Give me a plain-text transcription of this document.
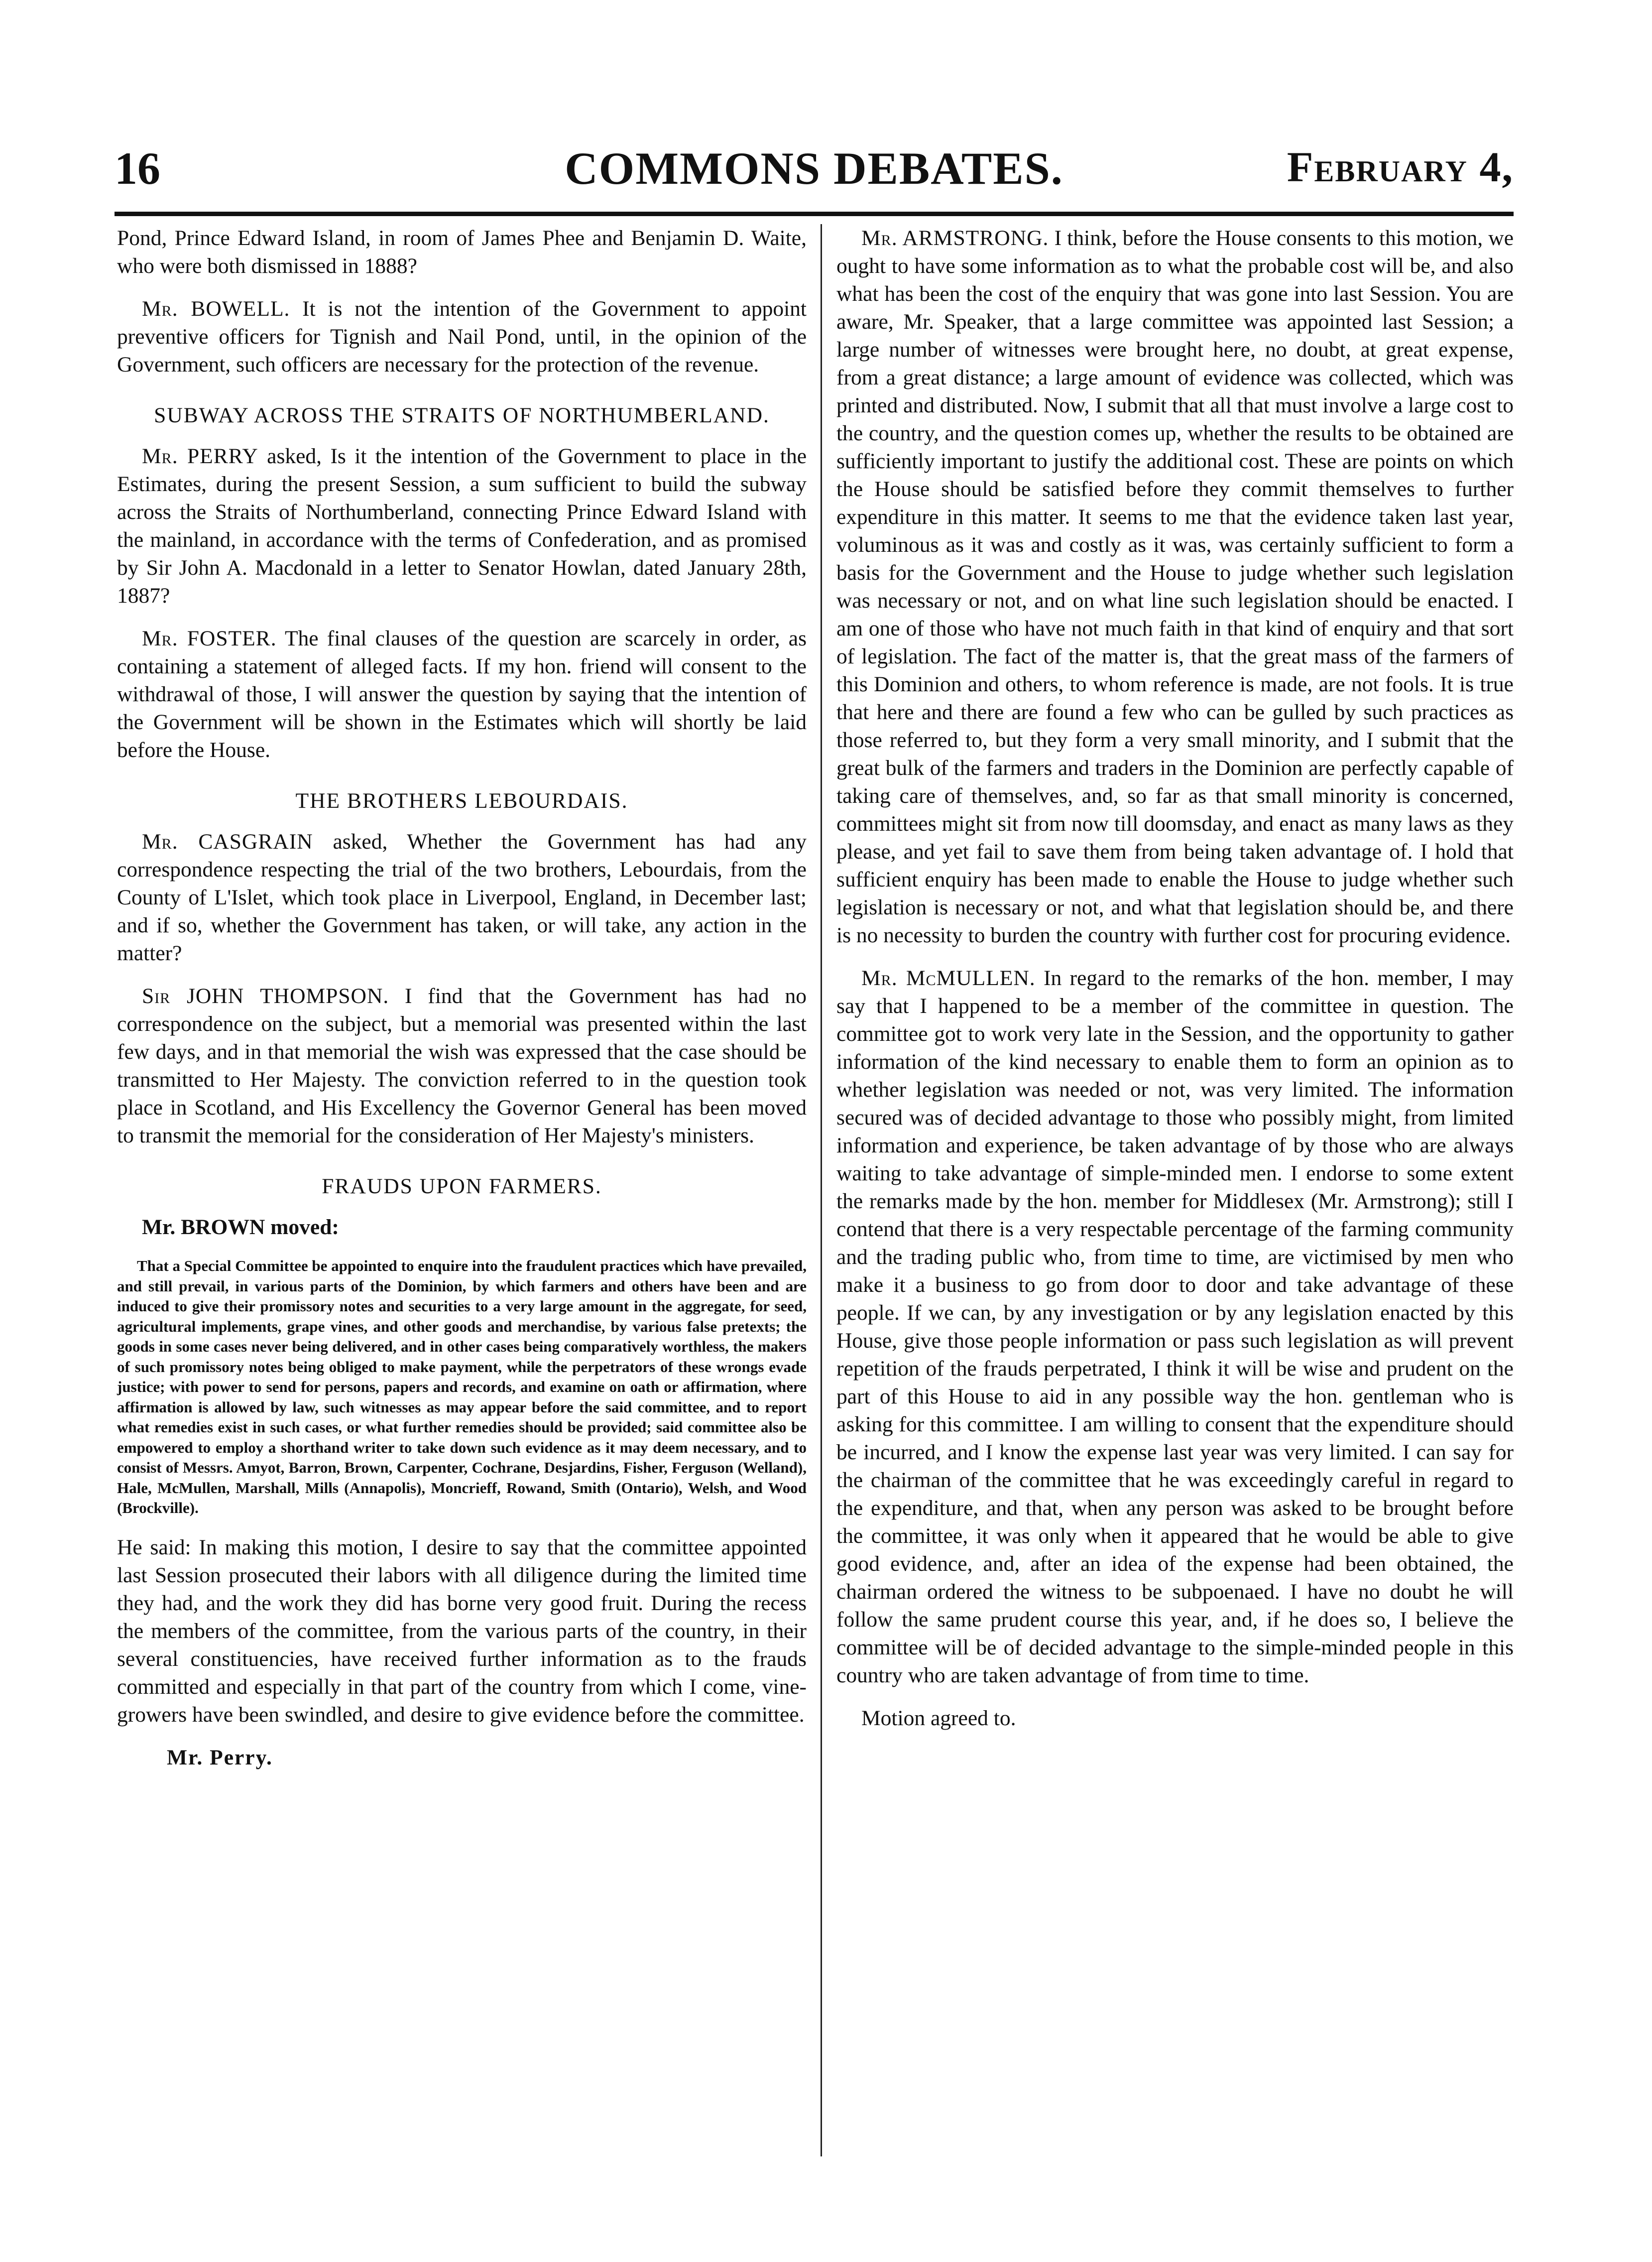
16	COMMONS DEBATES.	February 4,

Pond, Prince Edward Island, in room of James Phee and Benjamin D. Waite, who were both dismissed in 1888?

Mr. BOWELL. It is not the intention of the Government to appoint preventive officers for Tignish and Nail Pond, until, in the opinion of the Government, such officers are necessary for the protection of the revenue.

SUBWAY ACROSS THE STRAITS OF NORTHUMBERLAND.

Mr. PERRY asked, Is it the intention of the Government to place in the Estimates, during the present Session, a sum sufficient to build the subway across the Straits of Northumberland, connecting Prince Edward Island with the mainland, in accordance with the terms of Confederation, and as promised by Sir John A. Macdonald in a letter to Senator Howlan, dated January 28th, 1887?

Mr. FOSTER. The final clauses of the question are scarcely in order, as containing a statement of alleged facts. If my hon. friend will consent to the withdrawal of those, I will answer the question by saying that the intention of the Government will be shown in the Estimates which will shortly be laid before the House.

THE BROTHERS LEBOURDAIS.

Mr. CASGRAIN asked, Whether the Government has had any correspondence respecting the trial of the two brothers, Lebourdais, from the County of L'Islet, which took place in Liverpool, England, in December last; and if so, whether the Government has taken, or will take, any action in the matter?

Sir JOHN THOMPSON. I find that the Government has had no correspondence on the subject, but a memorial was presented within the last few days, and in that memorial the wish was expressed that the case should be transmitted to Her Majesty. The conviction referred to in the question took place in Scotland, and His Excellency the Governor General has been moved to transmit the memorial for the consideration of Her Majesty's ministers.

FRAUDS UPON FARMERS.

Mr. BROWN moved:

That a Special Committee be appointed to enquire into the fraudulent practices which have prevailed, and still prevail, in various parts of the Dominion, by which farmers and others have been and are induced to give their promissory notes and securities to a very large amount in the aggregate, for seed, agricultural implements, grape vines, and other goods and merchandise, by various false pretexts; the goods in some cases never being delivered, and in other cases being comparatively worthless, the makers of such promissory notes being obliged to make payment, while the perpetrators of these wrongs evade justice; with power to send for persons, papers and records, and examine on oath or affirmation, where affirmation is allowed by law, such witnesses as may appear before the said committee, and to report what remedies exist in such cases, or what further remedies should be provided; said committee also be empowered to employ a shorthand writer to take down such evidence as it may deem necessary, and to consist of Messrs. Amyot, Barron, Brown, Carpenter, Cochrane, Desjardins, Fisher, Ferguson (Welland), Hale, McMullen, Marshall, Mills (Annapolis), Moncrieff, Rowand, Smith (Ontario), Welsh, and Wood (Brockville).

He said: In making this motion, I desire to say that the committee appointed last Session prosecuted their labors with all diligence during the limited time they had, and the work they did has borne very good fruit. During the recess the members of the committee, from the various parts of the country, in their several constituencies, have received further information as to the frauds committed and especially in that part of the country from which I come, vine-growers have been swindled, and desire to give evidence before the committee.

Mr. Perry.

Mr. ARMSTRONG. I think, before the House consents to this motion, we ought to have some information as to what the probable cost will be, and also what has been the cost of the enquiry that was gone into last Session. You are aware, Mr. Speaker, that a large committee was appointed last Session; a large number of witnesses were brought here, no doubt, at great expense, from a great distance; a large amount of evidence was collected, which was printed and distributed. Now, I submit that all that must involve a large cost to the country, and the question comes up, whether the results to be obtained are sufficiently important to justify the additional cost. These are points on which the House should be satisfied before they commit themselves to further expenditure in this matter. It seems to me that the evidence taken last year, voluminous as it was and costly as it was, was certainly sufficient to form a basis for the Government and the House to judge whether such legislation was necessary or not, and on what line such legislation should be enacted. I am one of those who have not much faith in that kind of enquiry and that sort of legislation. The fact of the matter is, that the great mass of the farmers of this Dominion and others, to whom reference is made, are not fools. It is true that here and there are found a few who can be gulled by such practices as those referred to, but they form a very small minority, and I submit that the great bulk of the farmers and traders in the Dominion are perfectly capable of taking care of themselves, and, so far as that small minority is concerned, committees might sit from now till doomsday, and enact as many laws as they please, and yet fail to save them from being taken advantage of. I hold that sufficient enquiry has been made to enable the House to judge whether such legislation is necessary or not, and what that legislation should be, and there is no necessity to burden the country with further cost for procuring evidence.

Mr. McMULLEN. In regard to the remarks of the hon. member, I may say that I happened to be a member of the committee in question. The committee got to work very late in the Session, and the opportunity to gather information of the kind necessary to enable them to form an opinion as to whether legislation was needed or not, was very limited. The information secured was of decided advantage to those who possibly might, from limited information and experience, be taken advantage of by those who are always waiting to take advantage of simple-minded men. I endorse to some extent the remarks made by the hon. member for Middlesex (Mr. Armstrong); still I contend that there is a very respectable percentage of the farming community and the trading public who, from time to time, are victimised by men who make it a business to go from door to door and take advantage of these people. If we can, by any investigation or by any legislation enacted by this House, give those people information or pass such legislation as will prevent repetition of the frauds perpetrated, I think it will be wise and prudent on the part of this House to aid in any possible way the hon. gentleman who is asking for this committee. I am willing to consent that the expenditure should be incurred, and I know the expense last year was very limited. I can say for the chairman of the committee that he was exceedingly careful in regard to the expenditure, and that, when any person was asked to be brought before the committee, it was only when it appeared that he would be able to give good evidence, and, after an idea of the expense had been obtained, the chairman ordered the witness to be subpoenaed. I have no doubt he will follow the same prudent course this year, and, if he does so, I believe the committee will be of decided advantage to the simple-minded people in this country who are taken advantage of from time to time.

Motion agreed to.
